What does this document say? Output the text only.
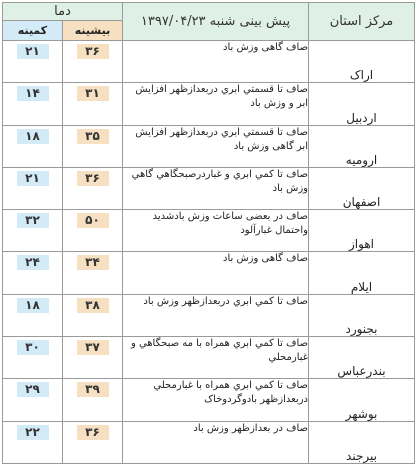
مرکز استان	پیش بینی شنبه ۱۳۹۷/۰۴/۲۳	دما	
		بیشینه	کمینه
اراک	صاف گاهی وزش باد	۳۶	۲۱

اردبیل	صاف تا قسمتي ابري دربعدازظهر افزايش ابر و وزش باد	۳۱	۱۴

ارومیه	صاف تا قسمتي ابري دربعدازظهر افزايش ابر گاهی وزش باد	۳۵	۱۸

اصفهان	صاف تا کمي ابري و غباردرصبحگاهي گاهي وزش باد	۳۶	۲۱

اهواز	صاف در بعضی ساعات وزش بادشديد واحتمال غبارآلود	۵۰	۳۲

ایلام	صاف گاهی وزش باد	۳۴	۲۴

بجنورد	صاف تا کمي ابري دربعدازظهر وزش باد	۳۸	۱۸

بندرعباس	صاف تا کمي ابري همراه با مه صبحگاهي و غبارمحلي	۳۷	۳۰

بوشهر	صاف تا کمي ابري همراه با غبارمحلي دربعدازظهر بادوگردوخاک	۳۹	۲۹

بیرجند	صاف در بعدازظهر وزش باد	۳۶	۲۲
